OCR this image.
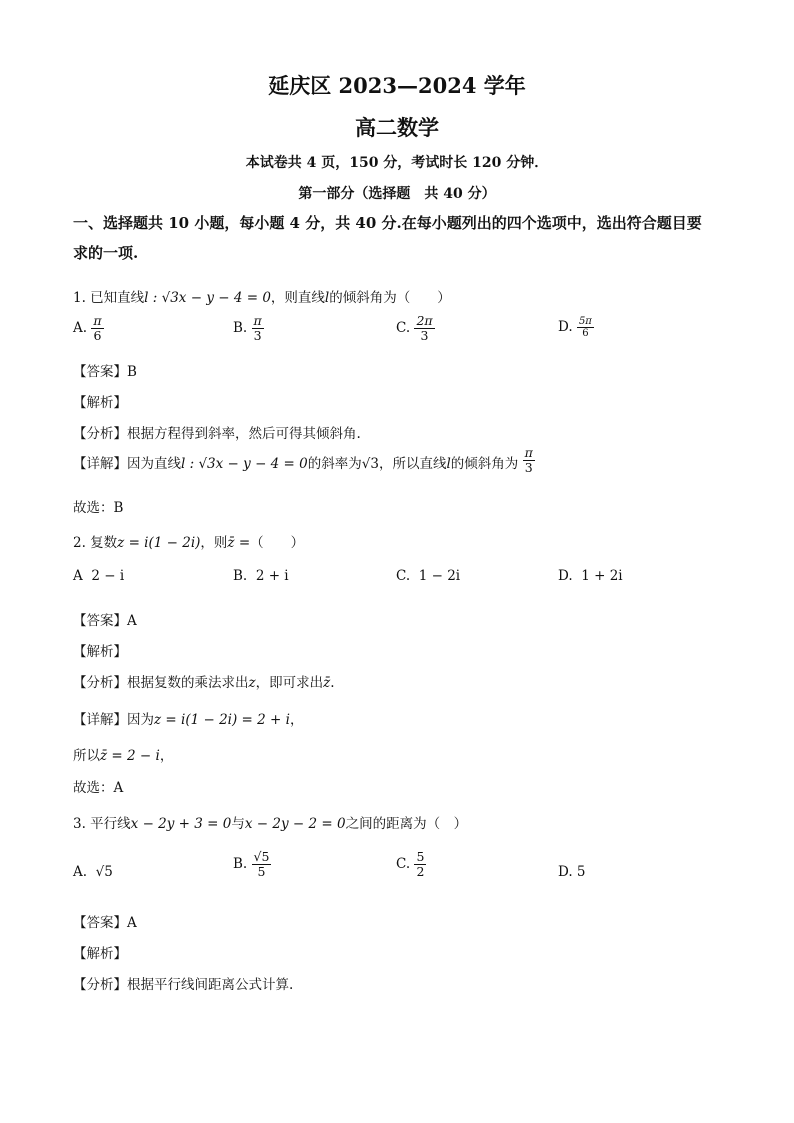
延庆区 2023—2024 学年
高二数学
本试卷共 4 页，150 分，考试时长 120 分钟．
第一部分（选择题　共 40 分）
一、选择题共 10 小题，每小题 4 分，共 40 分.在每小题列出的四个选项中，选出符合题目要
求的一项.
1. 已知直线l : √3x − y − 4 = 0，则直线l的倾斜角为（　　）
A. $\frac{\pi}{6}$	B. $\frac{\pi}{3}$	C. $\frac{2\pi}{3}$	D. $\frac{5\pi}{6}$
【答案】B
【解析】
【分析】根据方程得到斜率，然后可得其倾斜角.
【详解】因为直线l : √3x − y − 4 = 0的斜率为√3，所以直线l的倾斜角为 $\frac{\pi}{3}$
故选：B
2. 复数z = i(1 − 2i)，则z̄ =（　　）
A 2 − i	B. 2 + i	C. 1 − 2i	D. 1 + 2i
【答案】A
【解析】
【分析】根据复数的乘法求出z，即可求出z̄.
【详解】因为z = i(1 − 2i) = 2 + i，
所以z̄ = 2 − i，
故选：A
3. 平行线x − 2y + 3 = 0与x − 2y − 2 = 0之间的距离为（　）
A. √5
B. $\frac{√5}{5}$	C. $\frac{5}{2}$	D. 5
【答案】A
【解析】
【分析】根据平行线间距离公式计算.
